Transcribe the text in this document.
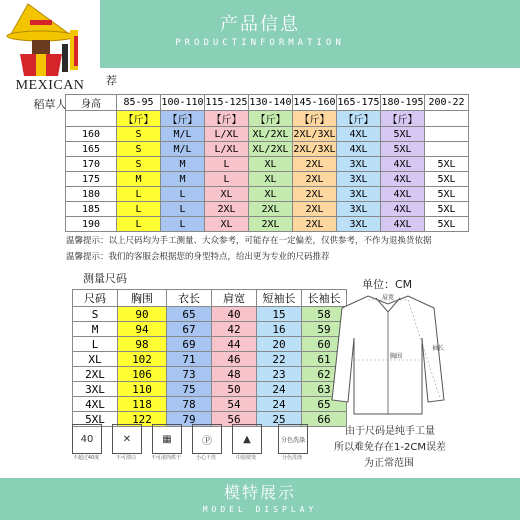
产品信息
PRODUCTINFORMATION
MEXICAN
稻草人
荐
身高	85-95	100-110	115-125	130-140	145-160	165-175	180-195	200-22
	【斤】	【斤】	【斤】	【斤】	【斤】	【斤】	【斤】	
160	S	M/L	L/XL	XL/2XL	2XL/3XL	4XL	5XL	
165	S	M/L	L/XL	XL/2XL	2XL/3XL	4XL	5XL	
170	S	M	L	XL	2XL	3XL	4XL	5XL
175	M	M	L	XL	2XL	3XL	4XL	5XL
180	L	L	XL	XL	2XL	3XL	4XL	5XL
185	L	L	2XL	2XL	2XL	3XL	4XL	5XL
190	L	L	XL	2XL	2XL	3XL	4XL	5XL
温馨提示：以上尺码均为手工测量、大众参考，可能存在一定偏差，仅供参考，不作为退换货依据
温馨提示：我们的客服会根据您的身型特点，给出更为专业的尺码推荐
测量尺码
尺码	胸围	衣长	肩宽	短袖长	长袖长
S	90	65	40	15	58
M	94	67	42	16	59
L	98	69	44	20	60
XL	102	71	46	22	61
2XL	106	73	48	23	62
3XL	110	75	50	24	63
4XL	118	78	54	24	65
5XL	122	79	56	25	66
单位：CM
肩宽
胸围
袖长
由于尺码是纯手工量
所以难免存在1-2CM误差
为正常范围
40
不超过40度
✕
不可漂白
▦
不可滚筒烘干
Ⓟ
小心干洗
▲
中温熨烫
分色洗涤
分色洗涤
模特展示
MODEL DISPLAY
